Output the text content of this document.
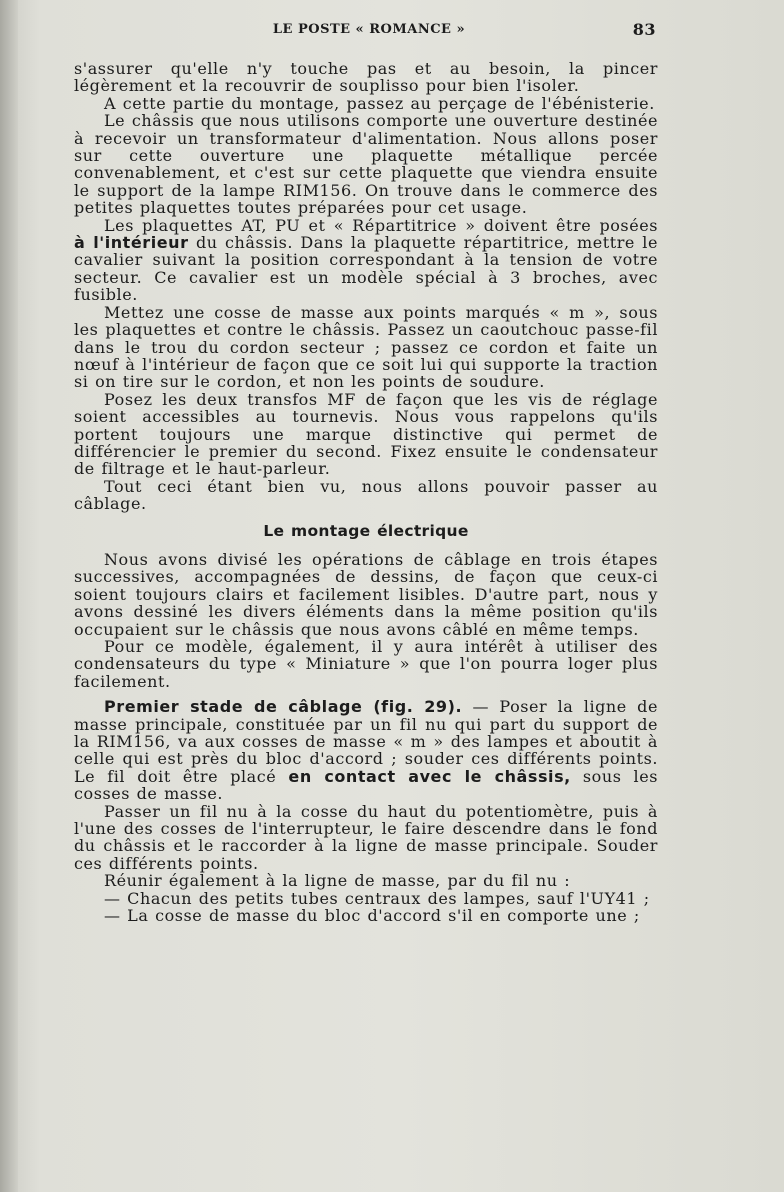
LE POSTE « ROMANCE »	83

s'assurer qu'elle n'y touche pas et au besoin, la pincer légèrement et la recouvrir de souplisso pour bien l'isoler.

A cette partie du montage, passez au perçage de l'ébénisterie.

Le châssis que nous utilisons comporte une ouverture destinée à recevoir un transformateur d'alimentation. Nous allons poser sur cette ouverture une plaquette métallique percée convenablement, et c'est sur cette plaquette que viendra ensuite le support de la lampe RIM156. On trouve dans le commerce des petites plaquettes toutes préparées pour cet usage.

Les plaquettes AT, PU et « Répartitrice » doivent être posées à l'intérieur du châssis. Dans la plaquette répartitrice, mettre le cavalier suivant la position correspondant à la tension de votre secteur. Ce cavalier est un modèle spécial à 3 broches, avec fusible.

Mettez une cosse de masse aux points marqués « m », sous les plaquettes et contre le châssis. Passez un caoutchouc passe-fil dans le trou du cordon secteur ; passez ce cordon et faite un nœuf à l'intérieur de façon que ce soit lui qui supporte la traction si on tire sur le cordon, et non les points de soudure.

Posez les deux transfos MF de façon que les vis de réglage soient accessibles au tournevis. Nous vous rappelons qu'ils portent toujours une marque distinctive qui permet de différencier le premier du second. Fixez ensuite le condensateur de filtrage et le haut-parleur.

Tout ceci étant bien vu, nous allons pouvoir passer au câblage.

Le montage électrique

Nous avons divisé les opérations de câblage en trois étapes successives, accompagnées de dessins, de façon que ceux-ci soient toujours clairs et facilement lisibles. D'autre part, nous y avons dessiné les divers éléments dans la même position qu'ils occupaient sur le châssis que nous avons câblé en même temps.

Pour ce modèle, également, il y aura intérêt à utiliser des condensateurs du type « Miniature » que l'on pourra loger plus facilement.

Premier stade de câblage (fig. 29). — Poser la ligne de masse principale, constituée par un fil nu qui part du support de la RIM156, va aux cosses de masse « m » des lampes et aboutit à celle qui est près du bloc d'accord ; souder ces différents points. Le fil doit être placé en contact avec le châssis, sous les cosses de masse.

Passer un fil nu à la cosse du haut du potentiomètre, puis à l'une des cosses de l'interrupteur, le faire descendre dans le fond du châssis et le raccorder à la ligne de masse principale. Souder ces différents points.

Réunir également à la ligne de masse, par du fil nu :

— Chacun des petits tubes centraux des lampes, sauf l'UY41 ;

— La cosse de masse du bloc d'accord s'il en comporte une ;
